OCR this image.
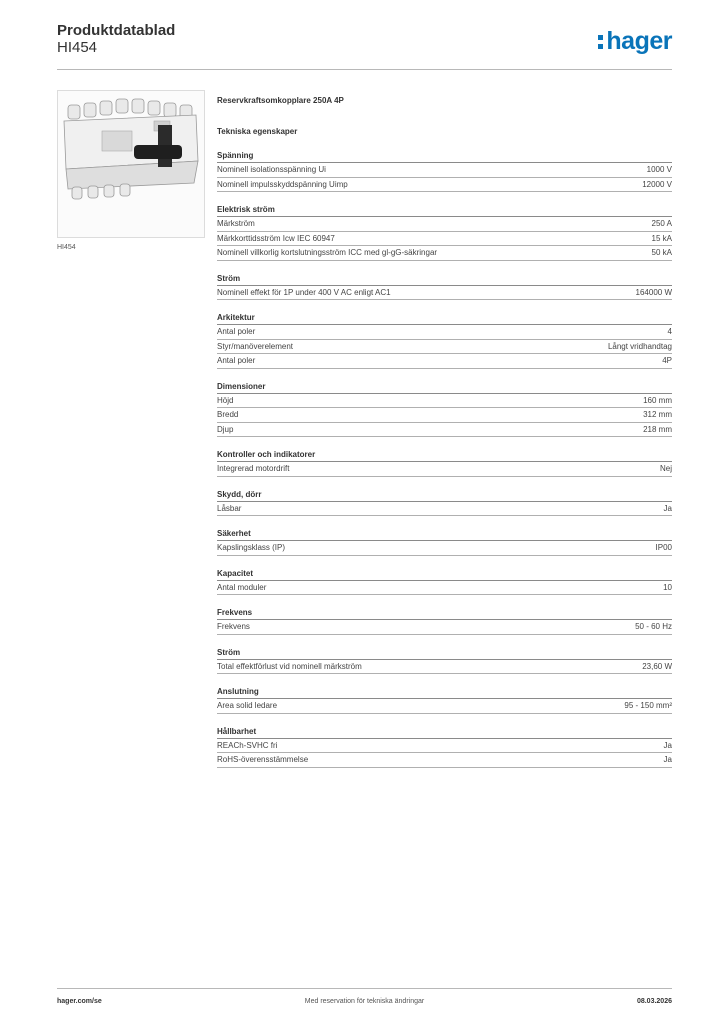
Produktdatablad
HI454	hager
HI454
Reservkraftsomkopplare 250A 4P
Tekniska egenskaper
Spänning
Nominell isolationsspänning Ui	1000 V
Nominell impulsskyddspänning Uimp	12000 V
Elektrisk ström
Märkström	250 A
Märkkorttidsström Icw IEC 60947	15 kA
Nominell villkorlig kortslutningsström ICC med gl-gG-säkringar	50 kA
Ström
Nominell effekt för 1P under 400 V AC enligt AC1	164000 W
Arkitektur
Antal poler	4
Styr/manöverelement	Långt vridhandtag
Antal poler	4P
Dimensioner
Höjd	160 mm
Bredd	312 mm
Djup	218 mm
Kontroller och indikatorer
Integrerad motordrift	Nej
Skydd, dörr
Låsbar	Ja
Säkerhet
Kapslingsklass (IP)	IP00
Kapacitet
Antal moduler	10
Frekvens
Frekvens	50 - 60 Hz
Ström
Total effektförlust vid nominell märkström	23,60 W
Anslutning
Area solid ledare	95 - 150 mm²
Hållbarhet
REACh-SVHC fri	Ja
RoHS-överensstämmelse	Ja
hager.com/se	Med reservation för tekniska ändringar	08.03.2026
